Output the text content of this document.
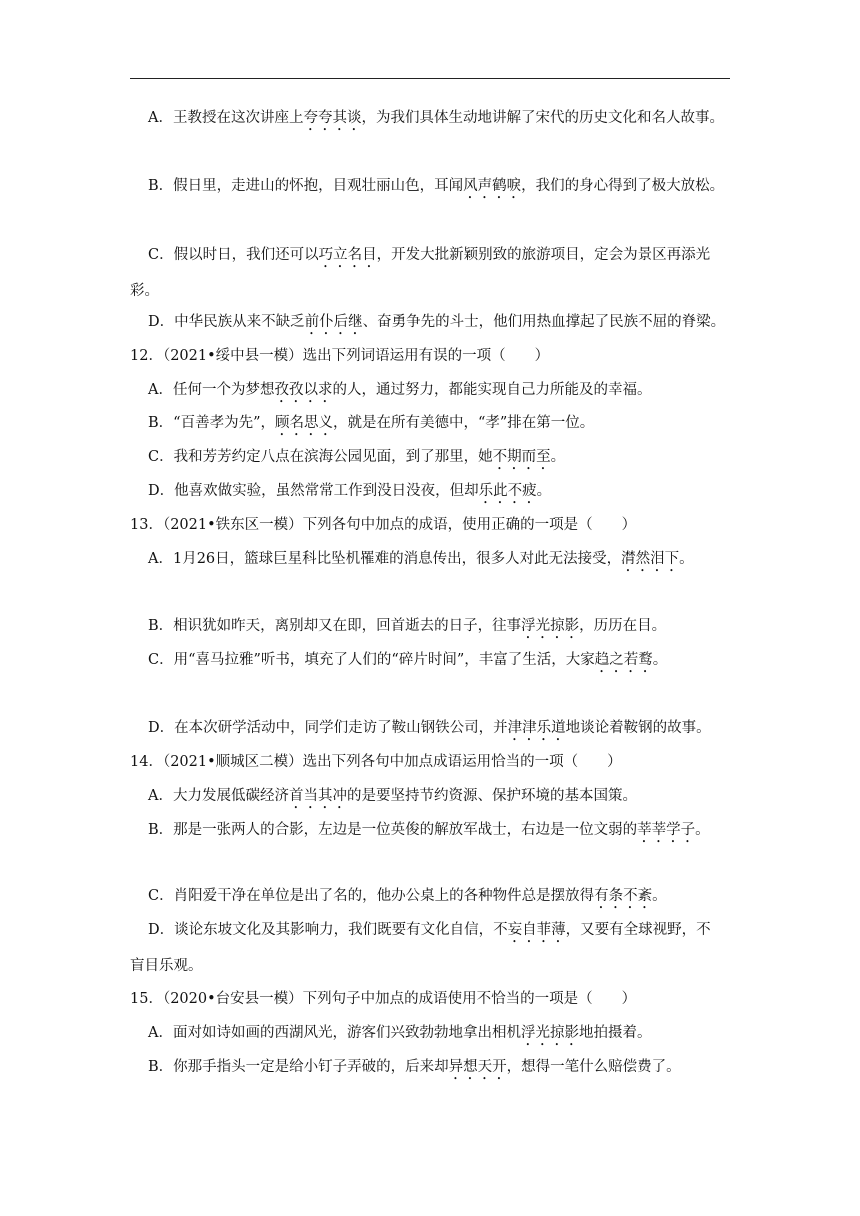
A．王教授在这次讲座上夸夸其谈，为我们具体生动地讲解了宋代的历史文化和名人故事。
B．假日里，走进山的怀抱，目观壮丽山色，耳闻风声鹤唳，我们的身心得到了极大放松。
C．假以时日，我们还可以巧立名目，开发大批新颖别致的旅游项目，定会为景区再添光
彩。
D．中华民族从来不缺乏前仆后继、奋勇争先的斗士，他们用热血撑起了民族不屈的脊梁。
12．（2021•绥中县一模）选出下列词语运用有误的一项（　　）
A．任何一个为梦想孜孜以求的人，通过努力，都能实现自己力所能及的幸福。
B．“百善孝为先”，顾名思义，就是在所有美德中，“孝”排在第一位。
C．我和芳芳约定八点在滨海公园见面，到了那里，她不期而至。
D．他喜欢做实验，虽然常常工作到没日没夜，但却乐此不疲。
13．（2021•铁东区一模）下列各句中加点的成语，使用正确的一项是（　　）
A．1月26日，篮球巨星科比坠机罹难的消息传出，很多人对此无法接受，潸然泪下。
B．相识犹如昨天，离别却又在即，回首逝去的日子，往事浮光掠影，历历在目。
C．用“喜马拉雅”听书，填充了人们的“碎片时间”，丰富了生活，大家趋之若鹜。
D．在本次研学活动中，同学们走访了鞍山钢铁公司，并津津乐道地谈论着鞍钢的故事。
14．（2021•顺城区二模）选出下列各句中加点成语运用恰当的一项（　　）
A．大力发展低碳经济首当其冲的是要坚持节约资源、保护环境的基本国策。
B．那是一张两人的合影，左边是一位英俊的解放军战士，右边是一位文弱的莘莘学子。
C．肖阳爱干净在单位是出了名的，他办公桌上的各种物件总是摆放得有条不紊。
D．谈论东坡文化及其影响力，我们既要有文化自信，不妄自菲薄，又要有全球视野，不
盲目乐观。
15．（2020•台安县一模）下列句子中加点的成语使用不恰当的一项是（　　）
A．面对如诗如画的西湖风光，游客们兴致勃勃地拿出相机浮光掠影地拍摄着。
B．你那手指头一定是给小钉子弄破的，后来却异想天开，想得一笔什么赔偿费了。
